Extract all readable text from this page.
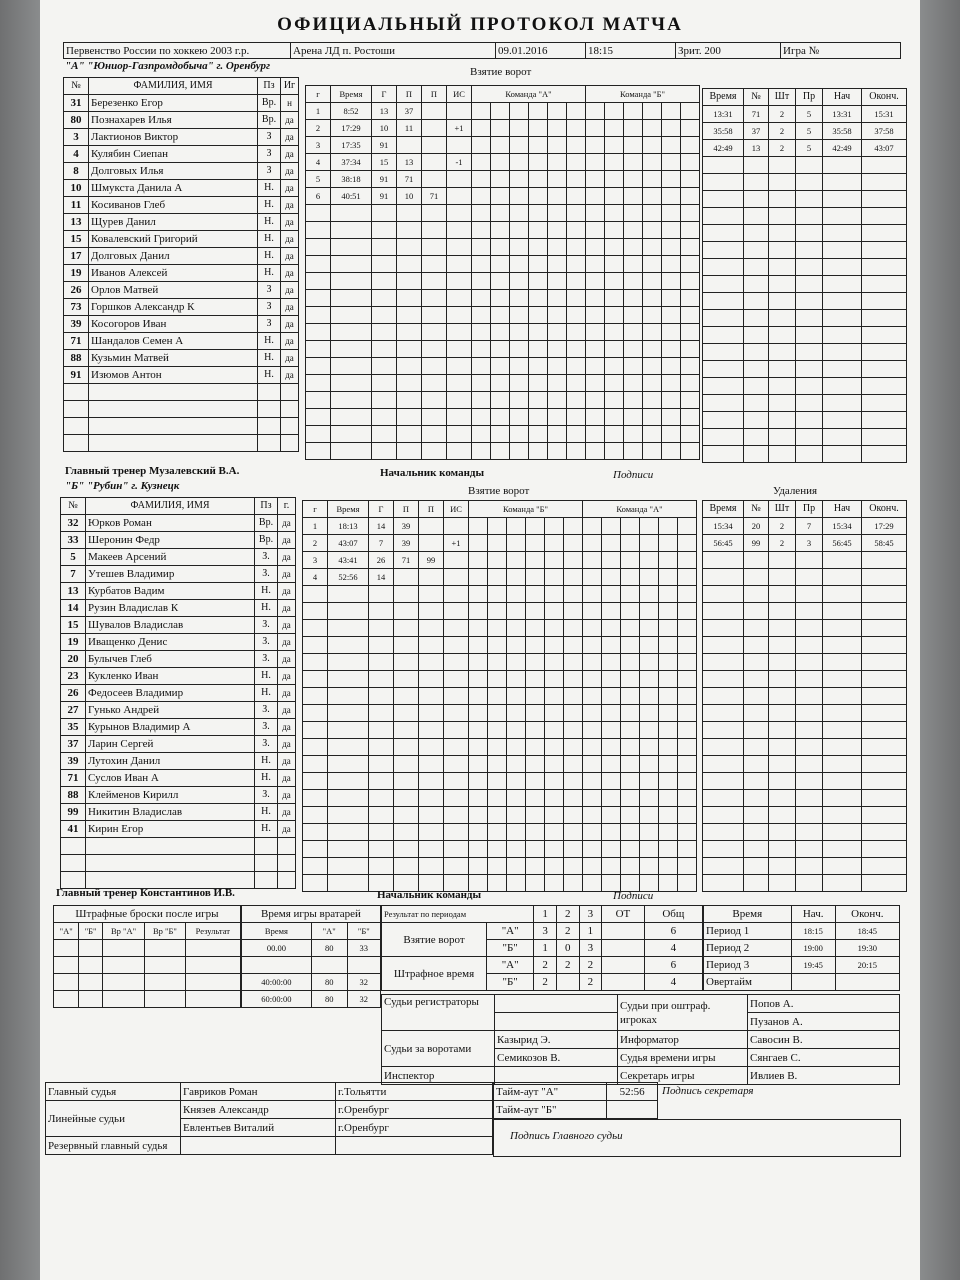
ОФИЦИАЛЬНЫЙ ПРОТОКОЛ МАТЧА
Первенство России по хоккею 2003 г.р.	Арена ЛД п. Ростоши	09.01.2016	18:15	Зрит. 200	Игра №
"А" "Юниор-Газпромдобыча" г. Оренбург	Взятие ворот
№	ФАМИЛИЯ, ИМЯ	Пз	Иг
31	Березенко Егор	Вр.	н
80	Познахарев Илья	Вр.	да
3	Лактионов Виктор	З	да
4	Кулябин Сиепан	З	да
8	Долговых Илья	З	да
10	Шмукста Данила А	Н.	да
11	Косиванов Глеб	Н.	да
13	Щурев Данил	Н.	да
15	Ковалевский Григорий	Н.	да
17	Долговых Данил	Н.	да
19	Иванов Алексей	Н.	да
26	Орлов Матвей	З	да
73	Горшков Александр К	З	да
39	Косогоров Иван	З	да
71	Шандалов Семен А	Н.	да
88	Кузьмин Матвей	Н.	да
91	Изюмов Антон	Н.	да

г	Время	Г	П	П	ИС	Команда "А"						Команда "Б"					
1	8:52	13	37														
2	17:29	10	11		+1												
3	17:35	91															
4	37:34	15	13		-1												
5	38:18	91	71														
6	40:51	91	10	71													

Время	№	Шт	Пр	Нач	Оконч.
13:31	71	2	5	13:31	15:31
35:58	37	2	5	35:58	37:58
42:49	13	2	5	42:49	43:07

Главный тренер Музалевский В.А.	Начальник команды	Подписи
"Б" "Рубин" г. Кузнецк	Взятие ворот	Удаления
№	ФАМИЛИЯ, ИМЯ	Пз	г.
32	Юрков Роман	Вр.	да
33	Шеронин Федр	Вр.	да
5	Макеев Арсений	З.	да
7	Утешев Владимир	З.	да
13	Курбатов Вадим	Н.	да
14	Рузин Владислав К	Н.	да
15	Шувалов Владислав	З.	да
19	Иващенко Денис	З.	да
20	Булычев Глеб	З.	да
23	Кукленко Иван	Н.	да
26	Федосеев Владимир	Н.	да
27	Гунько Андрей	З.	да
35	Курынов Владимир А	З.	да
37	Ларин Сергей	З.	да
39	Лутохин Данил	Н.	да
71	Суслов Иван А	Н.	да
88	Клейменов Кирилл	З.	да
99	Никитин Владислав	Н.	да
41	Кирин Егор	Н.	да

г	Время	Г	П	П	ИС	Команда "Б"						Команда "А"					
1	18:13	14	39														
2	43:07	7	39		+1												
3	43:41	26	71	99													
4	52:56	14															

Время	№	Шт	Пр	Нач	Оконч.
15:34	20	2	7	15:34	17:29
56:45	99	2	3	56:45	58:45

Главный тренер Константинов И.В.	Начальник команды	Подписи
Штрафные броски после игры				
"А"	"Б"	Вр "А"	Вр "Б"	Результат

Время игры вратарей		
Время	"А"	"Б"
00.00	80	33

40:00:00	80	32
60:00:00	80	32
Результат по периодам		1	2	3	ОТ	Общ
Взятие ворот	"А"	3	2	1		6
	"Б"	1	0	3		4
Штрафное время	"А"	2	2	2		6
	"Б"	2		2		4
Время	Нач.	Оконч.
Период 1	18:15	18:45
Период 2	19:00	19:30
Период 3	19:45	20:15
Овертайм		
Судьи регистраторы		Судьи при оштраф. игроках	Попов А.
			Пузанов А.
Судьи за воротами	Казырид Э.	Информатор	Савосин В.
	Семикозов В.	Судья времени игры	Сянгаев С.
Инспектор		Секретарь игры	Ивлиев В.
Главный судья	Гавриков Роман	г.Тольятти
Линейные судьи	Князев Александр	г.Оренбург
	Евлентьев Виталий	г.Оренбург
Резервный главный судья		
Тайм-аут "А"	52:56
Тайм-аут "Б"	
Подпись секретаря
Подпись Главного судьи
